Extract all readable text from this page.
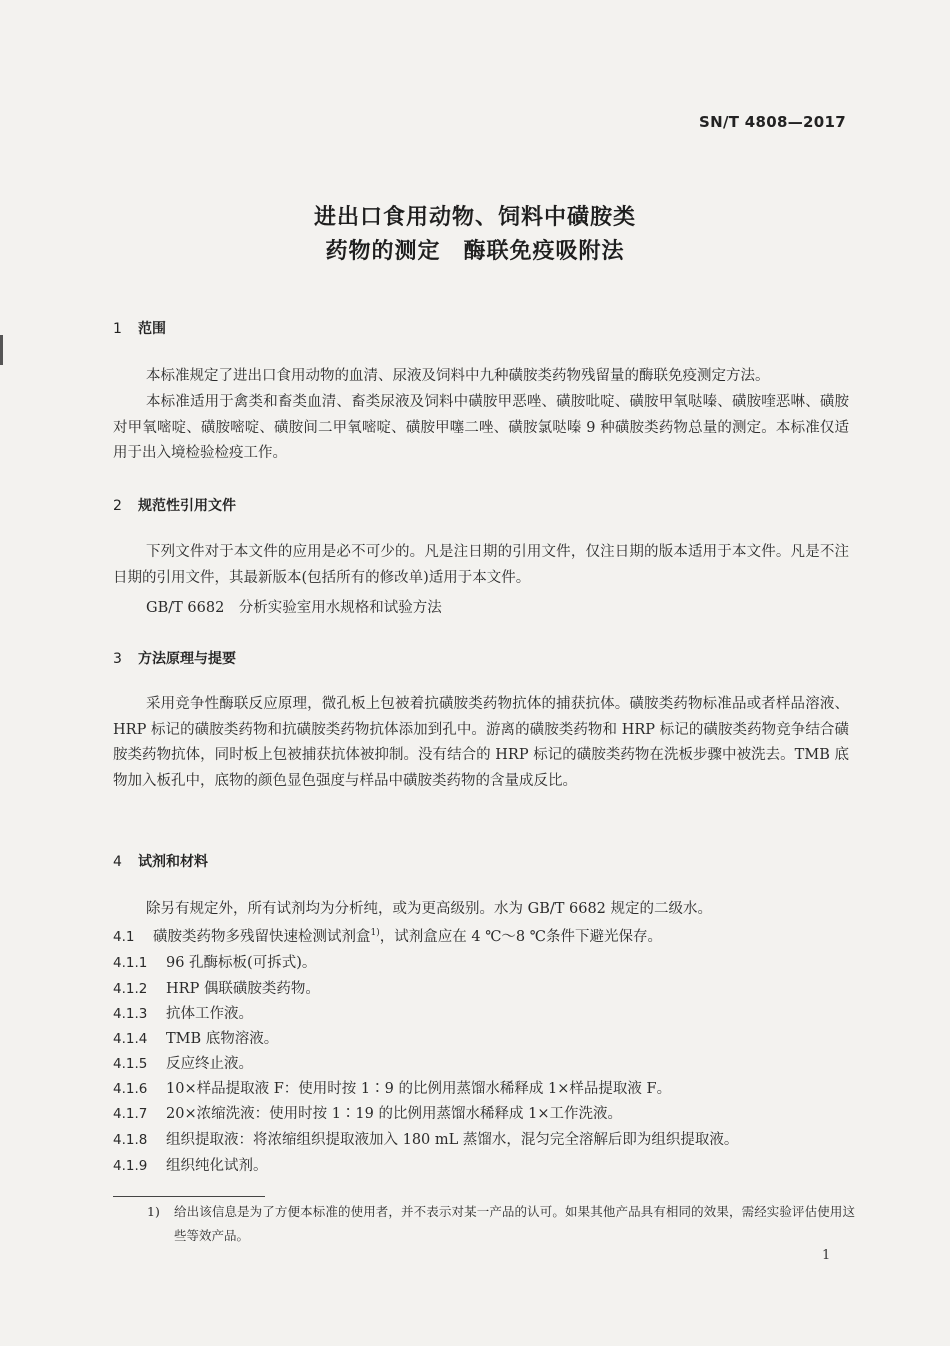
SN/T 4808—2017
进出口食用动物、饲料中磺胺类
药物的测定　酶联免疫吸附法
1 范围
本标准规定了进出口食用动物的血清、尿液及饲料中九种磺胺类药物残留量的酶联免疫测定方法。
本标准适用于禽类和畜类血清、畜类尿液及饲料中磺胺甲恶唑、磺胺吡啶、磺胺甲氧哒嗪、磺胺喹恶啉、磺胺对甲氧嘧啶、磺胺嘧啶、磺胺间二甲氧嘧啶、磺胺甲噻二唑、磺胺氯哒嗪 9 种磺胺类药物总量的测定。本标准仅适用于出入境检验检疫工作。
2 规范性引用文件
下列文件对于本文件的应用是必不可少的。凡是注日期的引用文件，仅注日期的版本适用于本文件。凡是不注日期的引用文件，其最新版本(包括所有的修改单)适用于本文件。
GB/T 6682　分析实验室用水规格和试验方法
3 方法原理与提要
采用竞争性酶联反应原理，微孔板上包被着抗磺胺类药物抗体的捕获抗体。磺胺类药物标准品或者样品溶液、HRP 标记的磺胺类药物和抗磺胺类药物抗体添加到孔中。游离的磺胺类药物和 HRP 标记的磺胺类药物竞争结合磺胺类药物抗体，同时板上包被捕获抗体被抑制。没有结合的 HRP 标记的磺胺类药物在洗板步骤中被洗去。TMB 底物加入板孔中，底物的颜色显色强度与样品中磺胺类药物的含量成反比。
4 试剂和材料
除另有规定外，所有试剂均为分析纯，或为更高级别。水为 GB/T 6682 规定的二级水。
4.1 磺胺类药物多残留快速检测试剂盒$^{1)}$，试剂盒应在 4 ℃～8 ℃条件下避光保存。
4.1.1 96 孔酶标板(可拆式)。
4.1.2 HRP 偶联磺胺类药物。
4.1.3 抗体工作液。
4.1.4 TMB 底物溶液。
4.1.5 反应终止液。
4.1.6 10×样品提取液 F：使用时按 1∶9 的比例用蒸馏水稀释成 1×样品提取液 F。
4.1.7 20×浓缩洗液：使用时按 1∶19 的比例用蒸馏水稀释成 1×工作洗液。
4.1.8 组织提取液：将浓缩组织提取液加入 180 mL 蒸馏水，混匀完全溶解后即为组织提取液。
4.1.9 组织纯化试剂。
1)	给出该信息是为了方便本标准的使用者，并不表示对某一产品的认可。如果其他产品具有相同的效果，需经实验评估使用这些等效产品。
1
